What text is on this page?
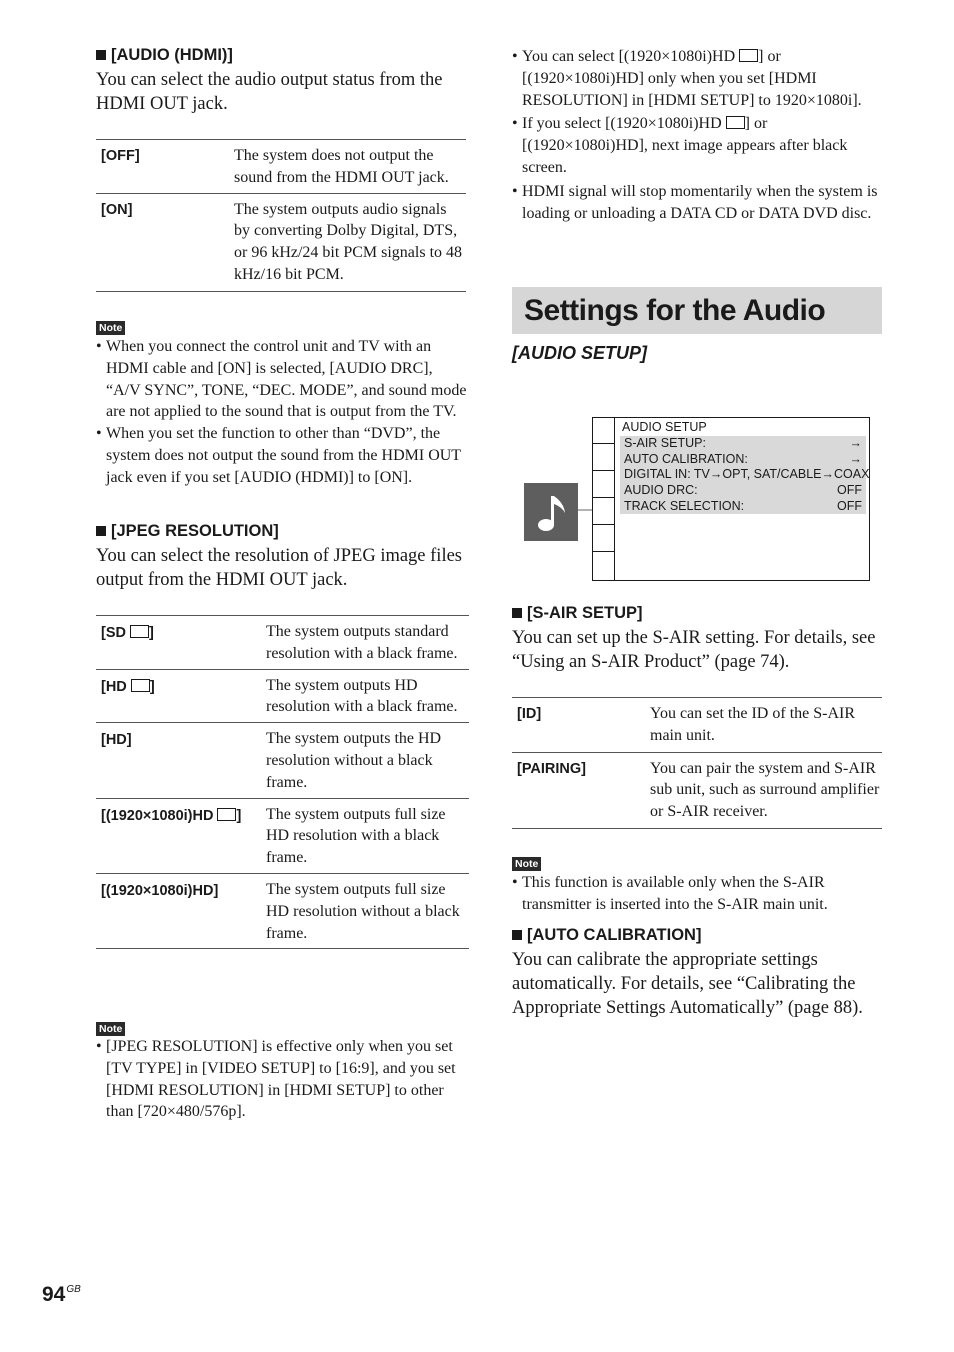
[AUDIO (HDMI)]
You can select the audio output status from the HDMI OUT jack.
[OFF]	The system does not output the sound from the HDMI OUT jack.

[ON]	The system outputs audio signals by converting Dolby Digital, DTS, or 96 kHz/24 bit PCM signals to 48 kHz/16 bit PCM.
Note
• When you connect the control unit and TV with an HDMI cable and [ON] is selected, [AUDIO DRC], “A/V SYNC”, TONE, “DEC. MODE”, and sound mode are not applied to the sound that is output from the TV.
• When you set the function to other than “DVD”, the system does not output the sound from the HDMI OUT jack even if you set [AUDIO (HDMI)] to [ON].
[JPEG RESOLUTION]
You can select the resolution of JPEG image files output from the HDMI OUT jack.
[SD ]	The system outputs standard resolution with a black frame.

[HD ]	The system outputs HD resolution with a black frame.

[HD]	The system outputs the HD resolution without a black frame.

[(1920×1080i)HD ]	The system outputs full size HD resolution with a black frame.

[(1920×1080i)HD]	The system outputs full size HD resolution without a black frame.
Note
• [JPEG RESOLUTION] is effective only when you set [TV TYPE] in [VIDEO SETUP] to [16:9], and you set [HDMI RESOLUTION] in [HDMI SETUP] to other than [720×480/576p].
• You can select [(1920×1080i)HD ] or [(1920×1080i)HD] only when you set [HDMI RESOLUTION] in [HDMI SETUP] to 1920×1080i].
• If you select [(1920×1080i)HD ] or [(1920×1080i)HD], next image appears after black screen.
• HDMI signal will stop momentarily when the system is loading or unloading a DATA CD or DATA DVD disc.
Settings for the Audio
[AUDIO SETUP]
AUDIO SETUP
S-AIR SETUP:	→
AUTO CALIBRATION:	→
DIGITAL IN: TV→OPT, SAT/CABLE→COAX
AUDIO DRC:	OFF
TRACK SELECTION:	OFF
[S-AIR SETUP]
You can set up the S-AIR setting. For details, see “Using an S-AIR Product” (page 74).
[ID]	You can set the ID of the S-AIR main unit.

[PAIRING]	You can pair the system and S-AIR sub unit, such as surround amplifier or S-AIR receiver.
Note
• This function is available only when the S-AIR transmitter is inserted into the S-AIR main unit.
[AUTO CALIBRATION]
You can calibrate the appropriate settings automatically. For details, see “Calibrating the Appropriate Settings Automatically” (page 88).
$94^{GB}$
